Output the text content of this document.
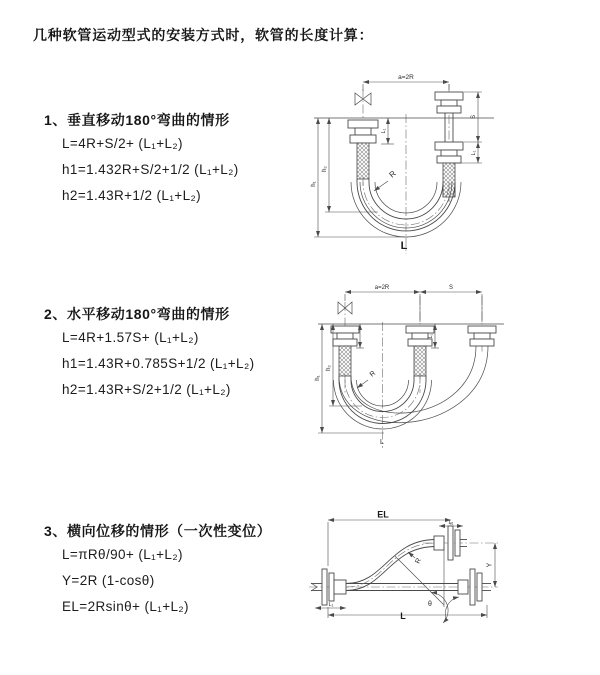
几种软管运动型式的安装方式时，软管的长度计算：
1、垂直移动180°弯曲的情形
L=4R+S/2+ (L₁+L₂)
h1=1.432R+S/2+1/2 (L₁+L₂)
h2=1.43R+1/2 (L₁+L₂)
2、水平移动180°弯曲的情形
L=4R+1.57S+ (L₁+L₂)
h1=1.43R+0.785S+1/2 (L₁+L₂)
h2=1.43R+S/2+1/2 (L₁+L₂)
3、横向位移的情形（一次性变位）
L=πRθ/90+ (L₁+L₂)
Y=2R (1-cosθ)
EL=2Rsinθ+ (L₁+L₂)
a=2R
h₁
h₂
S
L₁
L₁
R
L
a=2R	S
h₁
h₂
L₁
R
L
EL
L₁
θ
R
Y
L₁
L
